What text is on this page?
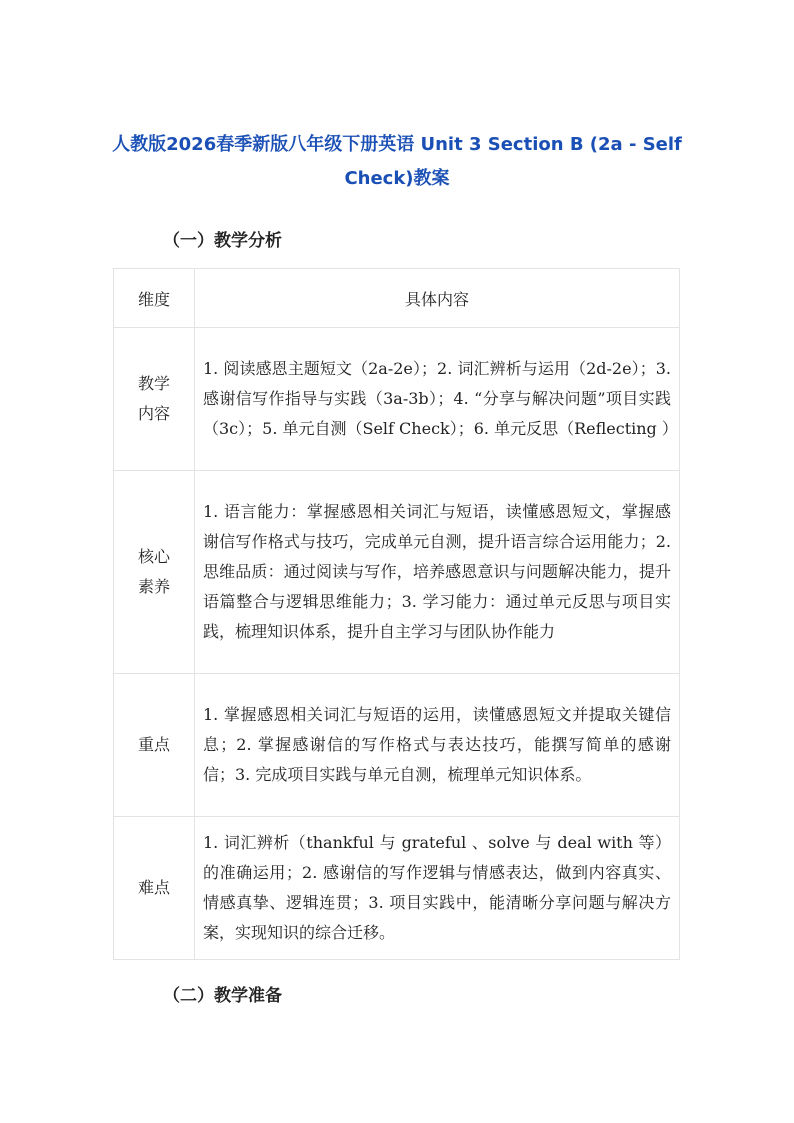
人教版2026春季新版八年级下册英语 Unit 3 Section B (2a - Self Check)教案
（一）教学分析
维度	具体内容
教学内容	1. 阅读感恩主题短文（2a-2e）；2. 词汇辨析与运用（2d-2e）；3. 感谢信写作指导与实践（3a-3b）；4. “分享与解决问题”项目实践（3c）；5. 单元自测（Self Check）；6. 单元反思（Reflecting ）
核心素养	1. 语言能力：掌握感恩相关词汇与短语，读懂感恩短文，掌握感谢信写作格式与技巧，完成单元自测，提升语言综合运用能力；2. 思维品质：通过阅读与写作，培养感恩意识与问题解决能力，提升语篇整合与逻辑思维能力；3. 学习能力：通过单元反思与项目实践，梳理知识体系，提升自主学习与团队协作能力
重点	1. 掌握感恩相关词汇与短语的运用，读懂感恩短文并提取关键信息；2. 掌握感谢信的写作格式与表达技巧，能撰写简单的感谢信；3. 完成项目实践与单元自测，梳理单元知识体系。
难点	1. 词汇辨析（thankful 与 grateful 、solve 与 deal with 等）的准确运用；2. 感谢信的写作逻辑与情感表达，做到内容真实、情感真挚、逻辑连贯；3. 项目实践中，能清晰分享问题与解决方案，实现知识的综合迁移。
（二）教学准备
